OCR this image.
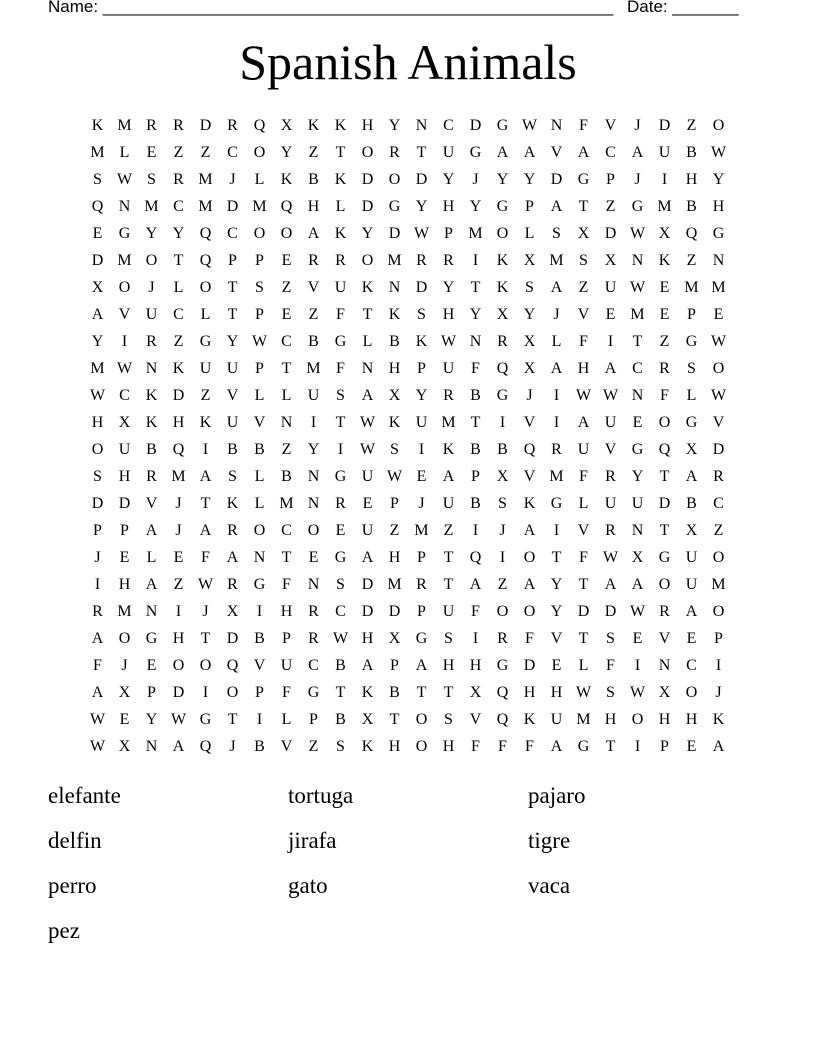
Name: ______________________________________________________ Date: _______
Spanish Animals
K M R	R D R Q X K K H Y N C D G W N	F	V	J	D	Z	O
M L	E	Z	Z	C O Y	Z	T	O R	T	U G A A V A C A U B W
S W S	R M	J	L	K B K D O D Y	J	Y Y D G	P	J	I	H Y
Q N M C M D M Q H	L	D G Y H Y G	P	A	T	Z	G M B H
E	G Y Y Q C O O A K Y D W P M O	L	S	X D W X Q G
D M O	T	Q	P	P	E	R	R O M R	R	I	K X M S	X N K	Z	N
X O	J	L	O	T	S	Z	V U K N D Y	T	K	S	A	Z	U W E M M
A V U C	L	T	P	E	Z	F	T	K	S	H Y X Y	J	V	E M E	P	E
Y	I	R	Z	G Y W C	B G	L	B K W N R X	L	F	I	T	Z	G W
M W N K U U	P	T M F	N H	P	U	F	Q X A H A C	R	S	O
W C K D	Z	V	L	L	U	S	A X Y R	B G	J	I	W W N	F	L W
H X K H K U V N	I	T W K U M T	I	V	I	A U	E	O G V
O U B Q	I	B	B	Z	Y	I	W S	I	K B	B Q R U V G Q X D
S	H R M A	S	L	B N G U W E	A	P	X V M F	R Y	T	A R
D D V	J	T	K	L M N R	E	P	J	U B	S	K G	L	U U D B	C
P	P	A	J	A R O C O	E	U	Z M Z	I	J	A	I	V R N	T	X	Z
J	E	L	E	F	A N	T	E	G A H	P	T	Q	I	O	T	F W X G U O
I	H A	Z W R G	F	N	S	D M R	T	A	Z	A Y	T	A A O U M
R M N	I	J	X	I	H R	C D D	P	U	F	O O Y D D W R A O
A O G H	T	D B	P	R W H X G	S	I	R	F	V	T	S	E	V	E	P
F	J	E	O O Q V U C	B A	P	A H H G D	E	L	F	I	N C	I
A X	P	D	I	O	P	F	G	T	K B	T	T	X Q H H W S W X O	J
W E	Y W G	T	I	L	P	B X	T	O	S	V Q K U M H O H H K
W X N A Q	J	B V	Z	S	K H O H	F	F	F	A G	T	I	P	E	A
elefante	tortuga	pajaro
delfin	jirafa	tigre
perro	gato	vaca
pez
